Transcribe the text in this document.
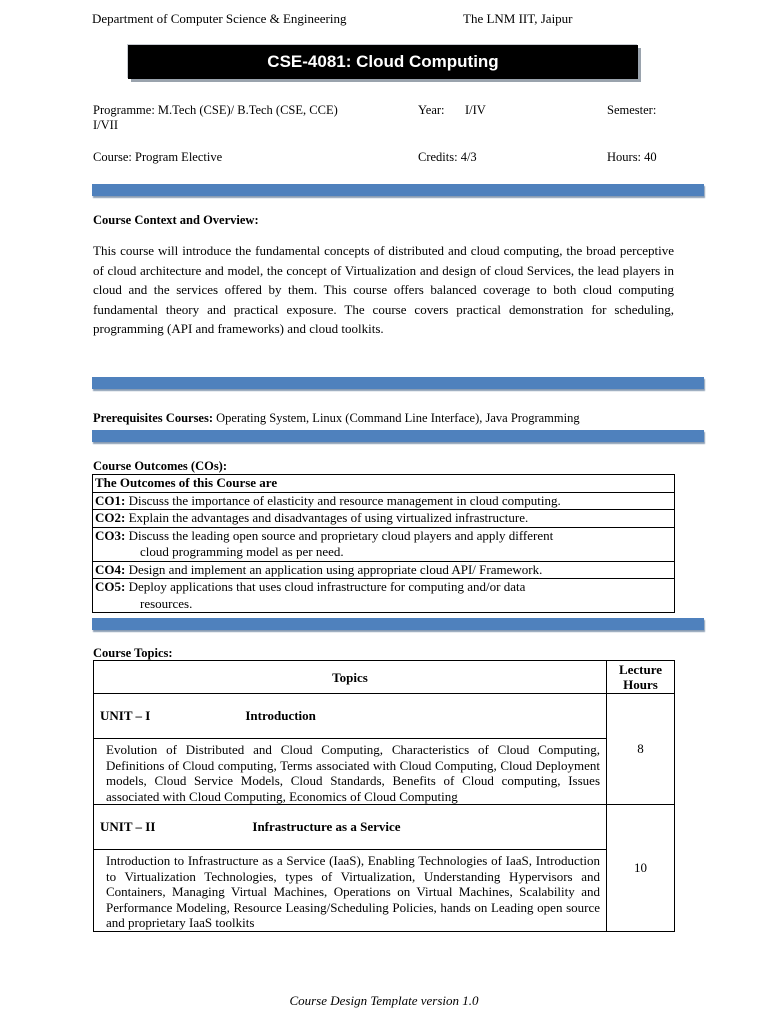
Department of Computer Science & Engineering	The LNM IIT, Jaipur
CSE-4081: Cloud Computing
Programme: M.Tech (CSE)/ B.Tech (CSE, CCE)
I/VII
Year: I/IV	Semester:
Course: Program Elective	Credits: 4/3	Hours: 40
Course Context and Overview:
This course will introduce the fundamental concepts of distributed and cloud computing, the broad perceptive of cloud architecture and model, the concept of Virtualization and design of cloud Services, the lead players in cloud and the services offered by them. This course offers balanced coverage to both cloud computing fundamental theory and practical exposure. The course covers practical demonstration for scheduling, programming (API and frameworks) and cloud toolkits.
Prerequisites Courses: Operating System, Linux (Command Line Interface), Java Programming
Course Outcomes (COs):
The Outcomes of this Course are
CO1: Discuss the importance of elasticity and resource management in cloud computing.
CO2: Explain the advantages and disadvantages of using virtualized infrastructure.
CO3: Discuss the leading open source and proprietary cloud players and apply different
cloud programming model as per need.

CO4: Design and implement an application using appropriate cloud API/ Framework.
CO5: Deploy applications that uses cloud infrastructure for computing and/or data
resources.
Course Topics:
Topics	Lecture
Hours

UNIT – I Introduction	8
Evolution of Distributed and Cloud Computing, Characteristics of Cloud Computing, Definitions of Cloud computing, Terms associated with Cloud Computing, Cloud Deployment models, Cloud Service Models, Cloud Standards, Benefits of Cloud computing, Issues associated with Cloud Computing, Economics of Cloud Computing	
UNIT – II Infrastructure as a Service	10
Introduction to Infrastructure as a Service (IaaS), Enabling Technologies of IaaS, Introduction to Virtualization Technologies, types of Virtualization, Understanding Hypervisors and Containers, Managing Virtual Machines, Operations on Virtual Machines, Scalability and Performance Modeling, Resource Leasing/Scheduling Policies, hands on Leading open source and proprietary IaaS toolkits	
Course Design Template version 1.0
